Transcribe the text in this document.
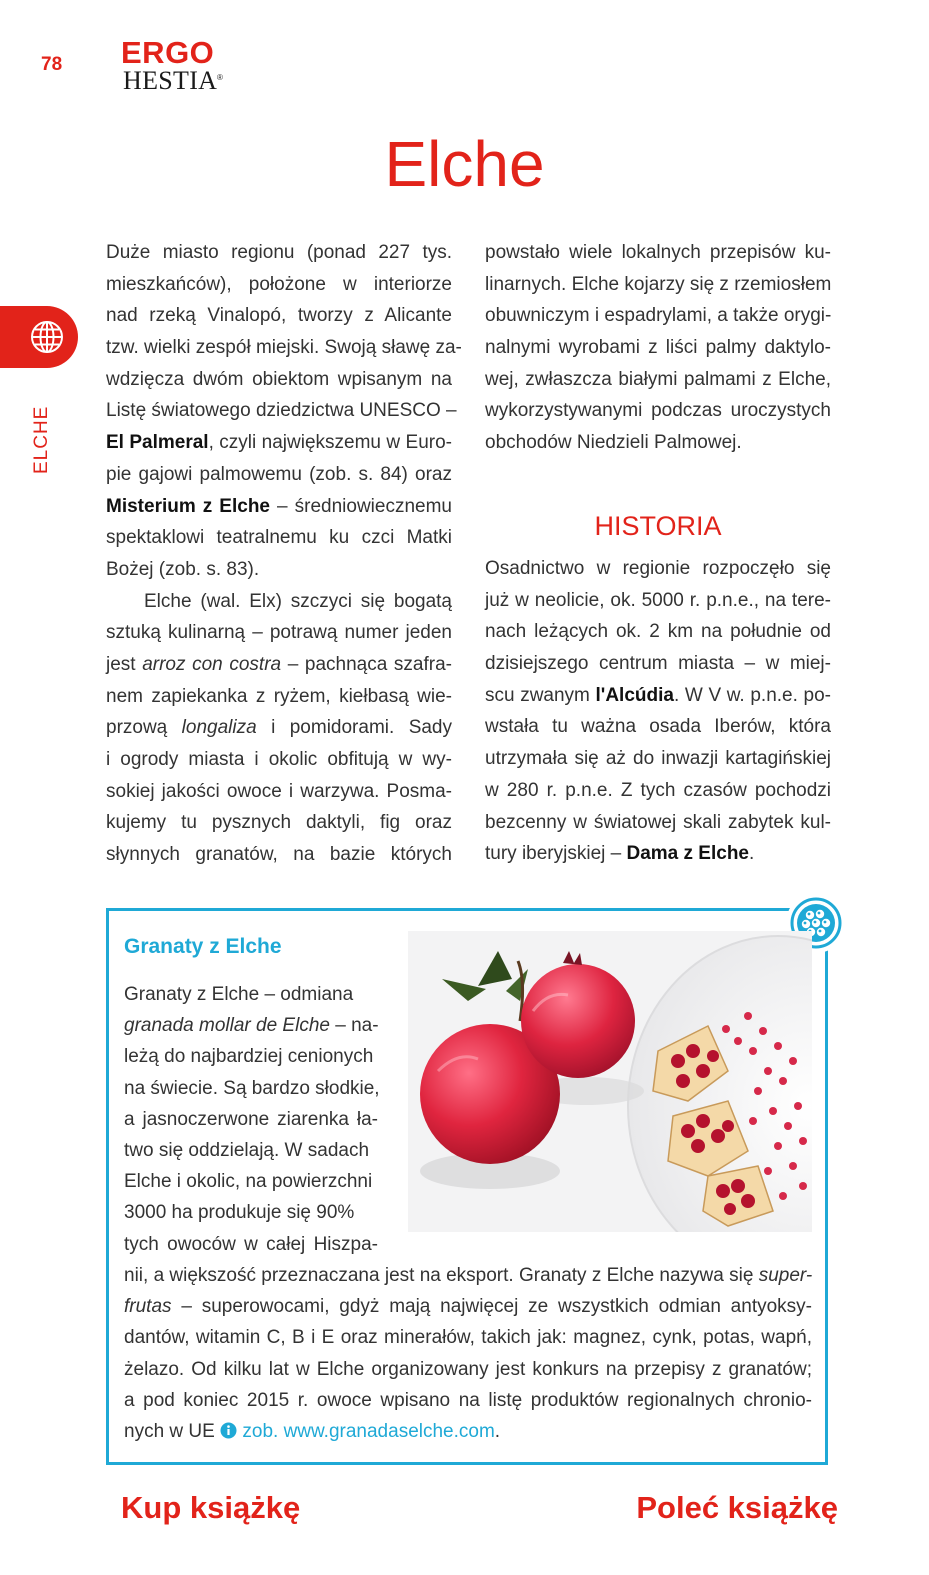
78 ERGO
HESTIA ®
Elche
ELCHE
Duże miasto regionu (ponad 227 tys.
mieszkańców), położone w interiorze
nad rzeką Vinalopó, tworzy z Alicante
tzw. wielki zespół miejski. Swoją sławę za-
wdzięcza dwóm obiektom wpisanym na
Listę światowego dziedzictwa UNESCO –
El Palmeral, czyli największemu w Euro-
pie gajowi palmowemu (zob. s. 84) oraz
Misterium z Elche – średniowiecznemu
spektaklowi teatralnemu ku czci Matki
Bożej (zob. s. 83).
  Elche (wal. Elx) szczyci się bogatą
sztuką kulinarną – potrawą numer jeden
jest arroz con costra – pachnąca szafra-
nem zapiekanka z ryżem, kiełbasą wie-
przową longaliza i pomidorami. Sady
i ogrody miasta i okolic obfitują w wy-
sokiej jakości owoce i warzywa. Posma-
kujemy tu pysznych daktyli, fig oraz
słynnych granatów, na bazie których
powstało wiele lokalnych przepisów ku-
linarnych. Elche kojarzy się z rzemiosłem
obuwniczym i espadrylami, a także orygi-
nalnymi wyrobami z liści palmy daktylo-
wej, zwłaszcza białymi palmami z Elche,
wykorzystywanymi podczas uroczystych
obchodów Niedzieli Palmowej.
HISTORIA
Osadnictwo w regionie rozpoczęło się
już w neolicie, ok. 5000 r. p.n.e., na tere-
nach leżących ok. 2 km na południe od
dzisiejszego centrum miasta – w miej-
scu zwanym l'Alcúdia. W V w. p.n.e. po-
wstała tu ważna osada Iberów, która
utrzymała się aż do inwazji kartagińskiej
w 280 r. p.n.e. Z tych czasów pochodzi
bezcenny w światowej skali zabytek kul-
tury iberyjskiej – Dama z Elche.
Granaty z Elche
Granaty z Elche – odmiana
granada mollar de Elche – na-
leżą do najbardziej cenionych
na świecie. Są bardzo słodkie,
a jasnoczerwone ziarenka ła-
two się oddzielają. W sadach
Elche i okolic, na powierzchni
3000 ha produkuje się 90%
tych owoców w całej Hiszpa-
nii, a większość przeznaczana jest na eksport. Granaty z Elche nazywa się super-
frutas – superowocami, gdyż mają najwięcej ze wszystkich odmian antyoksy-
dantów, witamin C, B i E oraz minerałów, takich jak: magnez, cynk, potas, wapń,
żelazo. Od kilku lat w Elche organizowany jest konkurs na przepisy z granatów;
a pod koniec 2015 r. owoce wpisano na listę produktów regionalnych chronio-
nych w UE  zob. www.granadaselche.com.
Kup książkę	Poleć książkę
